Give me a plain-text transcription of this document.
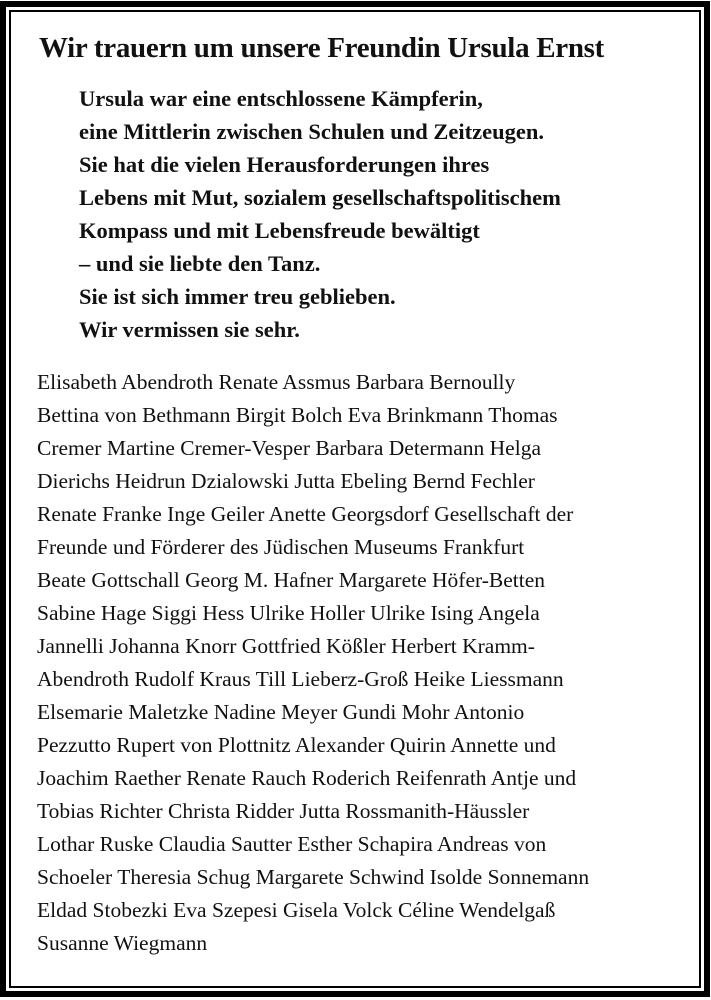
Wir trauern um unsere Freundin Ursula Ernst
Ursula war eine entschlossene Kämpferin,
eine Mittlerin zwischen Schulen und Zeitzeugen.
Sie hat die vielen Herausforderungen ihres
Lebens mit Mut, sozialem gesellschaftspolitischem
Kompass und mit Lebensfreude bewältigt
– und sie liebte den Tanz.
Sie ist sich immer treu geblieben.
Wir vermissen sie sehr.
Elisabeth Abendroth Renate Assmus Barbara Bernoully
Bettina von Bethmann Birgit Bolch Eva Brinkmann Thomas
Cremer Martine Cremer-Vesper Barbara Determann Helga
Dierichs Heidrun Dzialowski Jutta Ebeling Bernd Fechler
Renate Franke Inge Geiler Anette Georgsdorf Gesellschaft der
Freunde und Förderer des Jüdischen Museums Frankfurt
Beate Gottschall Georg M. Hafner Margarete Höfer-Betten
Sabine Hage Siggi Hess Ulrike Holler Ulrike Ising Angela
Jannelli Johanna Knorr Gottfried Kößler Herbert Kramm-
Abendroth Rudolf Kraus Till Lieberz-Groß Heike Liessmann
Elsemarie Maletzke Nadine Meyer Gundi Mohr Antonio
Pezzutto Rupert von Plottnitz Alexander Quirin Annette und
Joachim Raether Renate Rauch Roderich Reifenrath Antje und
Tobias Richter Christa Ridder Jutta Rossmanith-Häussler
Lothar Ruske Claudia Sautter Esther Schapira Andreas von
Schoeler Theresia Schug Margarete Schwind Isolde Sonnemann
Eldad Stobezki Eva Szepesi Gisela Volck Céline Wendelgaß
Susanne Wiegmann
